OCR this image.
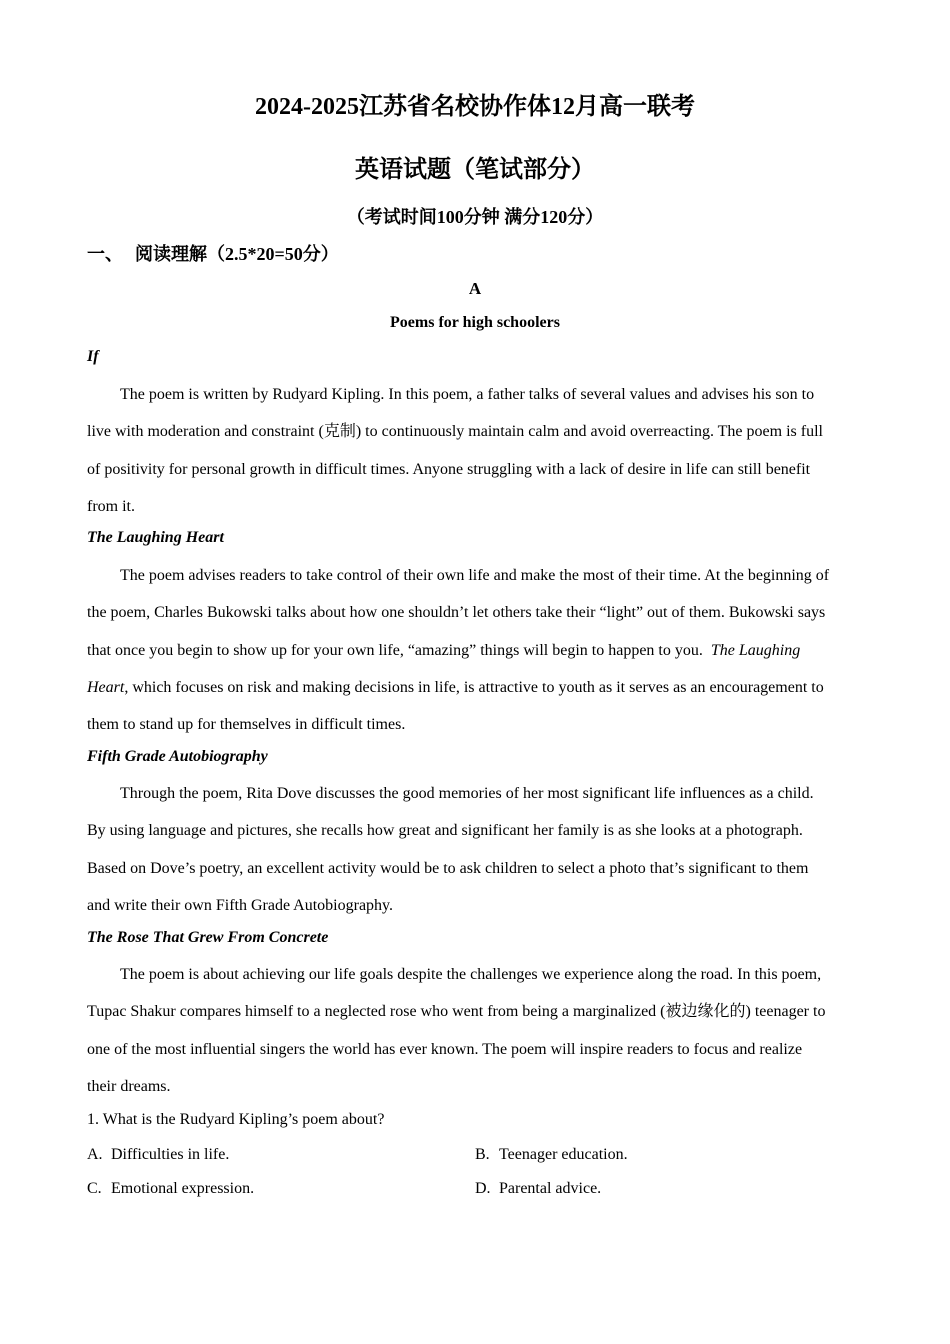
2024-2025江苏省名校协作体12月高一联考
英语试题（笔试部分）
（考试时间100分钟 满分120分）
一、 阅读理解（2.5*20=50分）
A
Poems for high schoolers
If
The poem is written by Rudyard Kipling. In this poem, a father talks of several values and advises his son to
live with moderation and constraint (克制) to continuously maintain calm and avoid overreacting. The poem is full
of positivity for personal growth in difficult times. Anyone struggling with a lack of desire in life can still benefit
from it.
The Laughing Heart
The poem advises readers to take control of their own life and make the most of their time. At the beginning of
the poem, Charles Bukowski talks about how one shouldn’t let others take their “light” out of them. Bukowski says
that once you begin to show up for your own life, “amazing” things will begin to happen to you. The Laughing
Heart, which focuses on risk and making decisions in life, is attractive to youth as it serves as an encouragement to
them to stand up for themselves in difficult times.
Fifth Grade Autobiography
Through the poem, Rita Dove discusses the good memories of her most significant life influences as a child.
By using language and pictures, she recalls how great and significant her family is as she looks at a photograph.
Based on Dove’s poetry, an excellent activity would be to ask children to select a photo that’s significant to them
and write their own Fifth Grade Autobiography.
The Rose That Grew From Concrete
The poem is about achieving our life goals despite the challenges we experience along the road. In this poem,
Tupac Shakur compares himself to a neglected rose who went from being a marginalized (被边缘化的) teenager to
one of the most influential singers the world has ever known. The poem will inspire readers to focus and realize
their dreams.
1. What is the Rudyard Kipling’s poem about?
A. Difficulties in life.	B. Teenager education.
C. Emotional expression.	D. Parental advice.
